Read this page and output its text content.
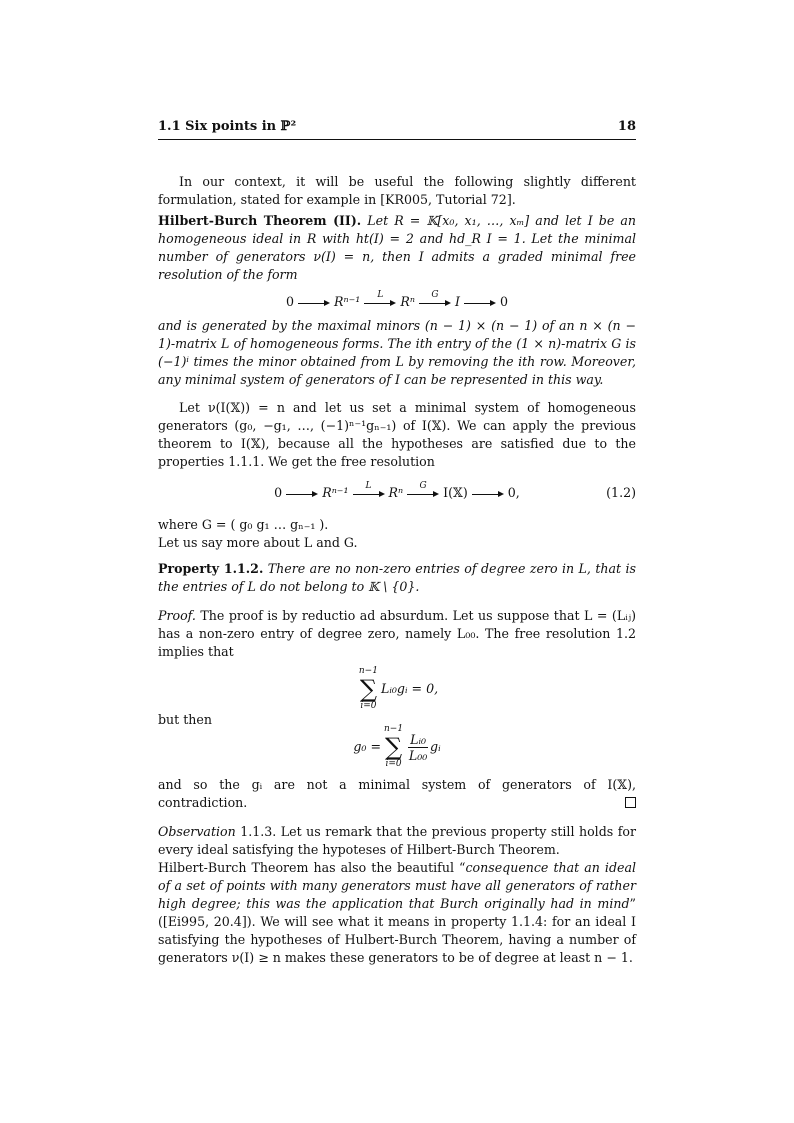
1.1 Six points in ℙ²	18
In our context, it will be useful the following slightly different formulation, stated for example in [KR005, Tutorial 72].
Hilbert-Burch Theorem (II). Let R = 𝕂[x₀, x₁, …, xₘ] and let I be an homogeneous ideal in R with ht(I) = 2 and hd_R I = 1. Let the minimal number of generators ν(I) = n, then I admits a graded minimal free resolution of the form
0	Rⁿ⁻¹	L	Rⁿ	G	I	0
and is generated by the maximal minors (n − 1) × (n − 1) of an n × (n − 1)-matrix L of homogeneous forms. The ith entry of the (1 × n)-matrix G is (−1)ⁱ times the minor obtained from L by removing the ith row. Moreover, any minimal system of generators of I can be represented in this way.
Let ν(I(𝕏)) = n and let us set a minimal system of homogeneous generators (g₀, −g₁, …, (−1)ⁿ⁻¹gₙ₋₁) of I(𝕏). We can apply the previous theorem to I(𝕏), because all the hypotheses are satisfied due to the properties 1.1.1. We get the free resolution
0	Rⁿ⁻¹	L	Rⁿ	G	I(𝕏)	0,	(1.2)
where G = ( g₀ g₁ … gₙ₋₁ ).
Let us say more about L and G.
Property 1.1.2. There are no non-zero entries of degree zero in L, that is the entries of L do not belong to 𝕂 \ {0}.
Proof. The proof is by reductio ad absurdum. Let us suppose that L = (Lᵢⱼ) has a non-zero entry of degree zero, namely L₀₀. The free resolution 1.2 implies that
n−1
∑
i=0
Lᵢ₀gᵢ = 0,
but then
g₀ =
n−1
∑
i=0
$\frac{\text{Lᵢ₀}}{\text{L₀₀}}$ gᵢ
and so the gᵢ are not a minimal system of generators of I(𝕏), contradiction.
Observation 1.1.3. Let us remark that the previous property still holds for every ideal satisfying the hypoteses of Hilbert-Burch Theorem.
Hilbert-Burch Theorem has also the beautiful “consequence that an ideal of a set of points with many generators must have all generators of rather high degree; this was the application that Burch originally had in mind” ([Ei995, 20.4]). We will see what it means in property 1.1.4: for an ideal I satisfying the hypotheses of Hulbert-Burch Theorem, having a number of generators ν(I) ≥ n makes these generators to be of degree at least n − 1.
